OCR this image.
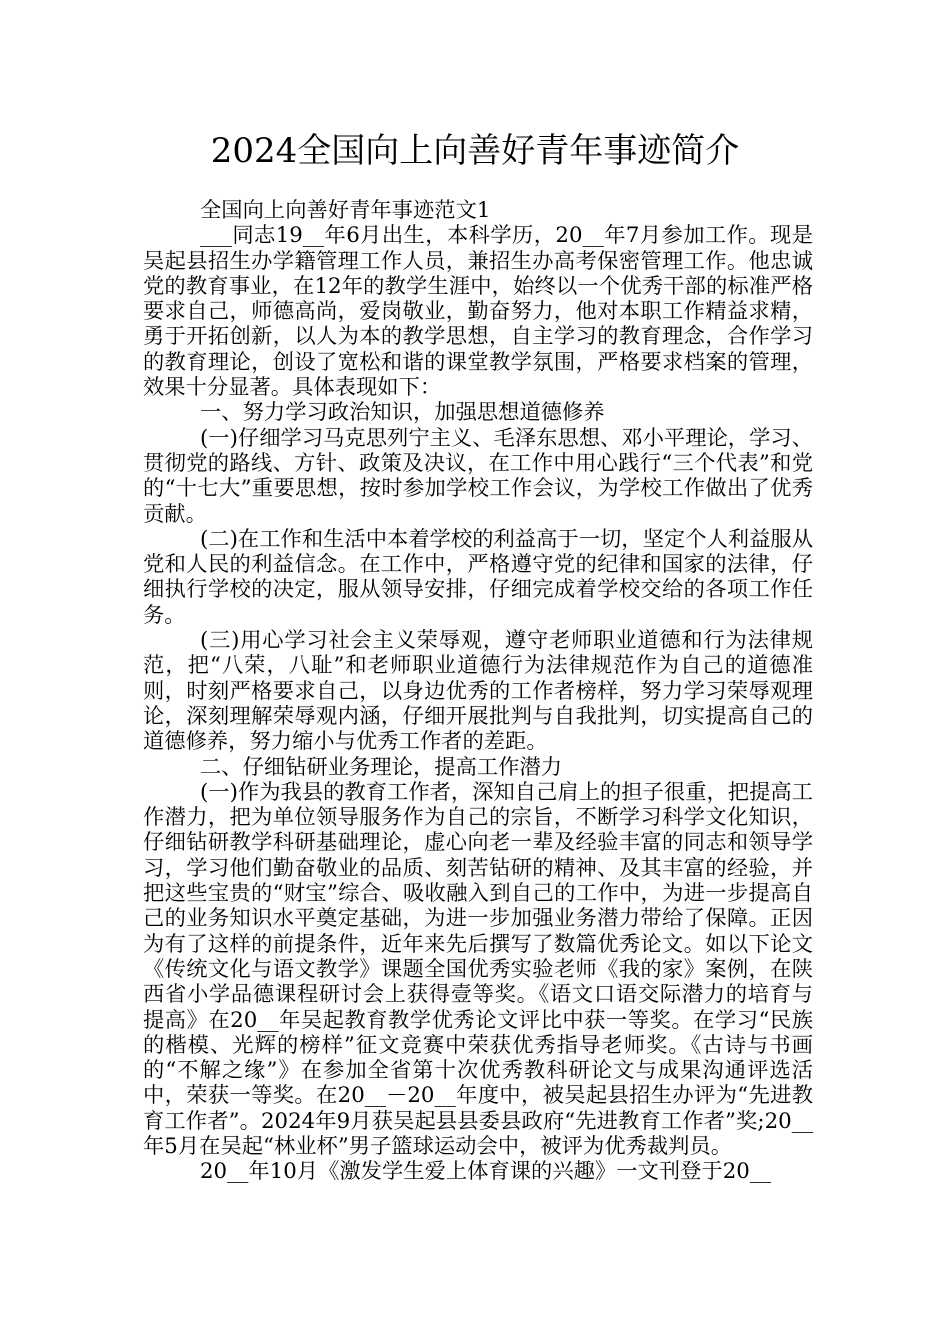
2024全国向上向善好青年事迹简介

全国向上向善好青年事迹范文1

___同志19__年6月出生，本科学历，20__年7月参加工作。现是吴起县招生办学籍管理工作人员，兼招生办高考保密管理工作。他忠诚党的教育事业，在12年的教学生涯中，始终以一个优秀干部的标准严格要求自己，师德高尚，爱岗敬业，勤奋努力，他对本职工作精益求精，勇于开拓创新，以人为本的教学思想，自主学习的教育理念，合作学习的教育理论，创设了宽松和谐的课堂教学氛围，严格要求档案的管理，效果十分显著。具体表现如下：

一、努力学习政治知识，加强思想道德修养

(一)仔细学习马克思列宁主义、毛泽东思想、邓小平理论，学习、贯彻党的路线、方针、政策及决议，在工作中用心践行“三个代表”和党的“十七大”重要思想，按时参加学校工作会议，为学校工作做出了优秀贡献。

(二)在工作和生活中本着学校的利益高于一切，坚定个人利益服从党和人民的利益信念。在工作中，严格遵守党的纪律和国家的法律，仔细执行学校的决定，服从领导安排，仔细完成着学校交给的各项工作任务。

(三)用心学习社会主义荣辱观，遵守老师职业道德和行为法律规范，把“八荣，八耻”和老师职业道德行为法律规范作为自己的道德准则，时刻严格要求自己，以身边优秀的工作者榜样，努力学习荣辱观理论，深刻理解荣辱观内涵，仔细开展批判与自我批判，切实提高自己的道德修养，努力缩小与优秀工作者的差距。

二、仔细钻研业务理论，提高工作潜力

(一)作为我县的教育工作者，深知自己肩上的担子很重，把提高工作潜力，把为单位领导服务作为自己的宗旨，不断学习科学文化知识，仔细钻研教学科研基础理论，虚心向老一辈及经验丰富的同志和领导学习，学习他们勤奋敬业的品质、刻苦钻研的精神、及其丰富的经验，并把这些宝贵的“财宝”综合、吸收融入到自己的工作中，为进一步提高自己的业务知识水平奠定基础，为进一步加强业务潜力带给了保障。正因为有了这样的前提条件，近年来先后撰写了数篇优秀论文。如以下论文《传统文化与语文教学》课题全国优秀实验老师《我的家》案例，在陕西省小学品德课程研讨会上获得壹等奖。《语文口语交际潜力的培育与提高》在20__年吴起教育教学优秀论文评比中获一等奖。在学习“民族的楷模、光辉的榜样”征文竞赛中荣获优秀指导老师奖。《古诗与书画的“不解之缘”》在参加全省第十次优秀教科研论文与成果沟通评选活中，荣获一等奖。在20__－20__年度中，被吴起县招生办评为“先进教育工作者”。2024年9月获吴起县县委县政府“先进教育工作者”奖;20__年5月在吴起“林业杯”男子篮球运动会中，被评为优秀裁判员。

20__年10月《激发学生爱上体育课的兴趣》一文刊登于20__
